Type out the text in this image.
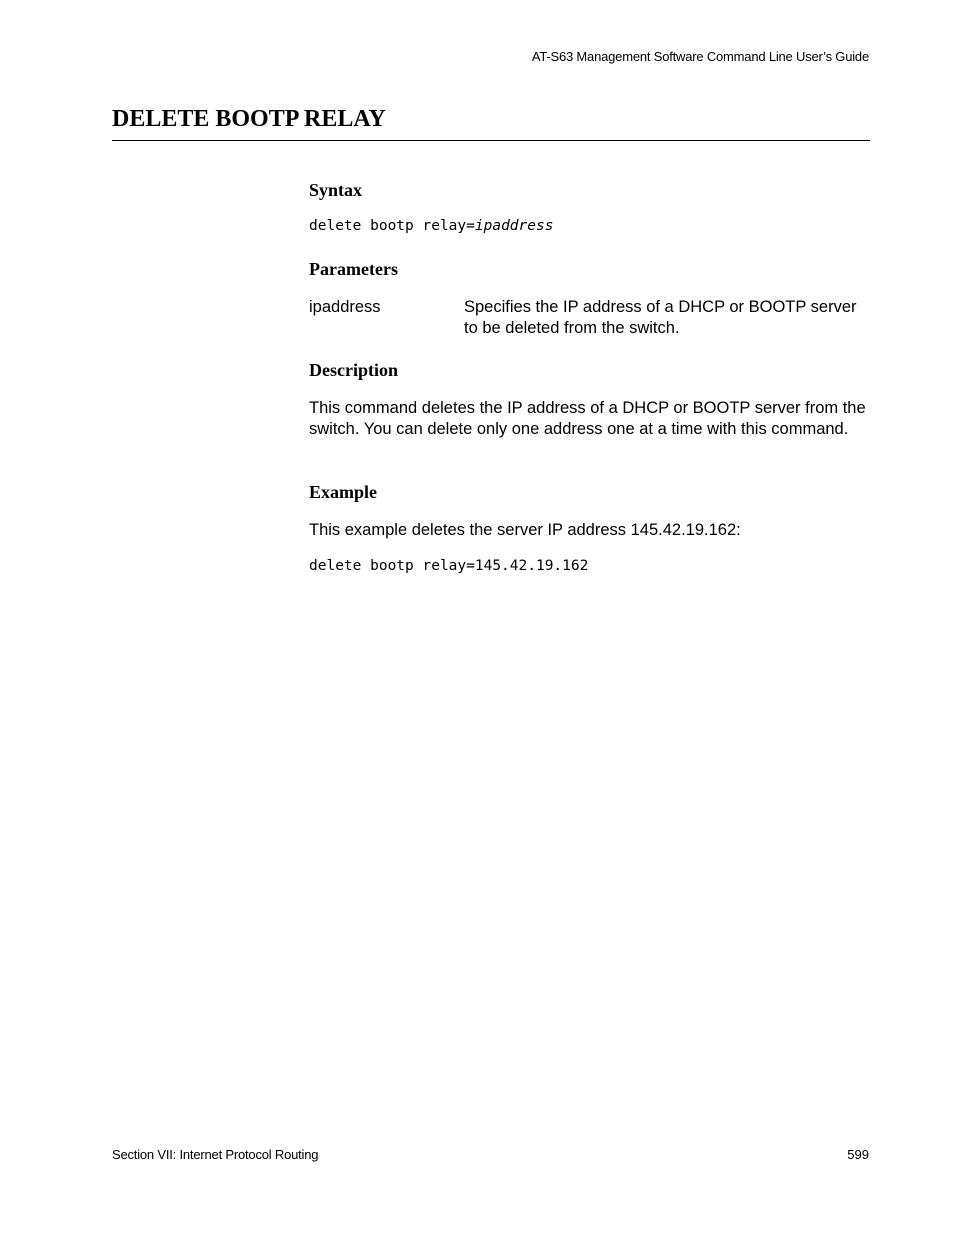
AT-S63 Management Software Command Line User’s Guide
DELETE BOOTP RELAY
Syntax
delete bootp relay=ipaddress
Parameters
ipaddress	Specifies the IP address of a DHCP or BOOTP server to be deleted from the switch.

Description

This command deletes the IP address of a DHCP or BOOTP server from the switch. You can delete only one address one at a time with this command.

Example

This example deletes the server IP address 145.42.19.162:

delete bootp relay=145.42.19.162
Section VII: Internet Protocol Routing	599
